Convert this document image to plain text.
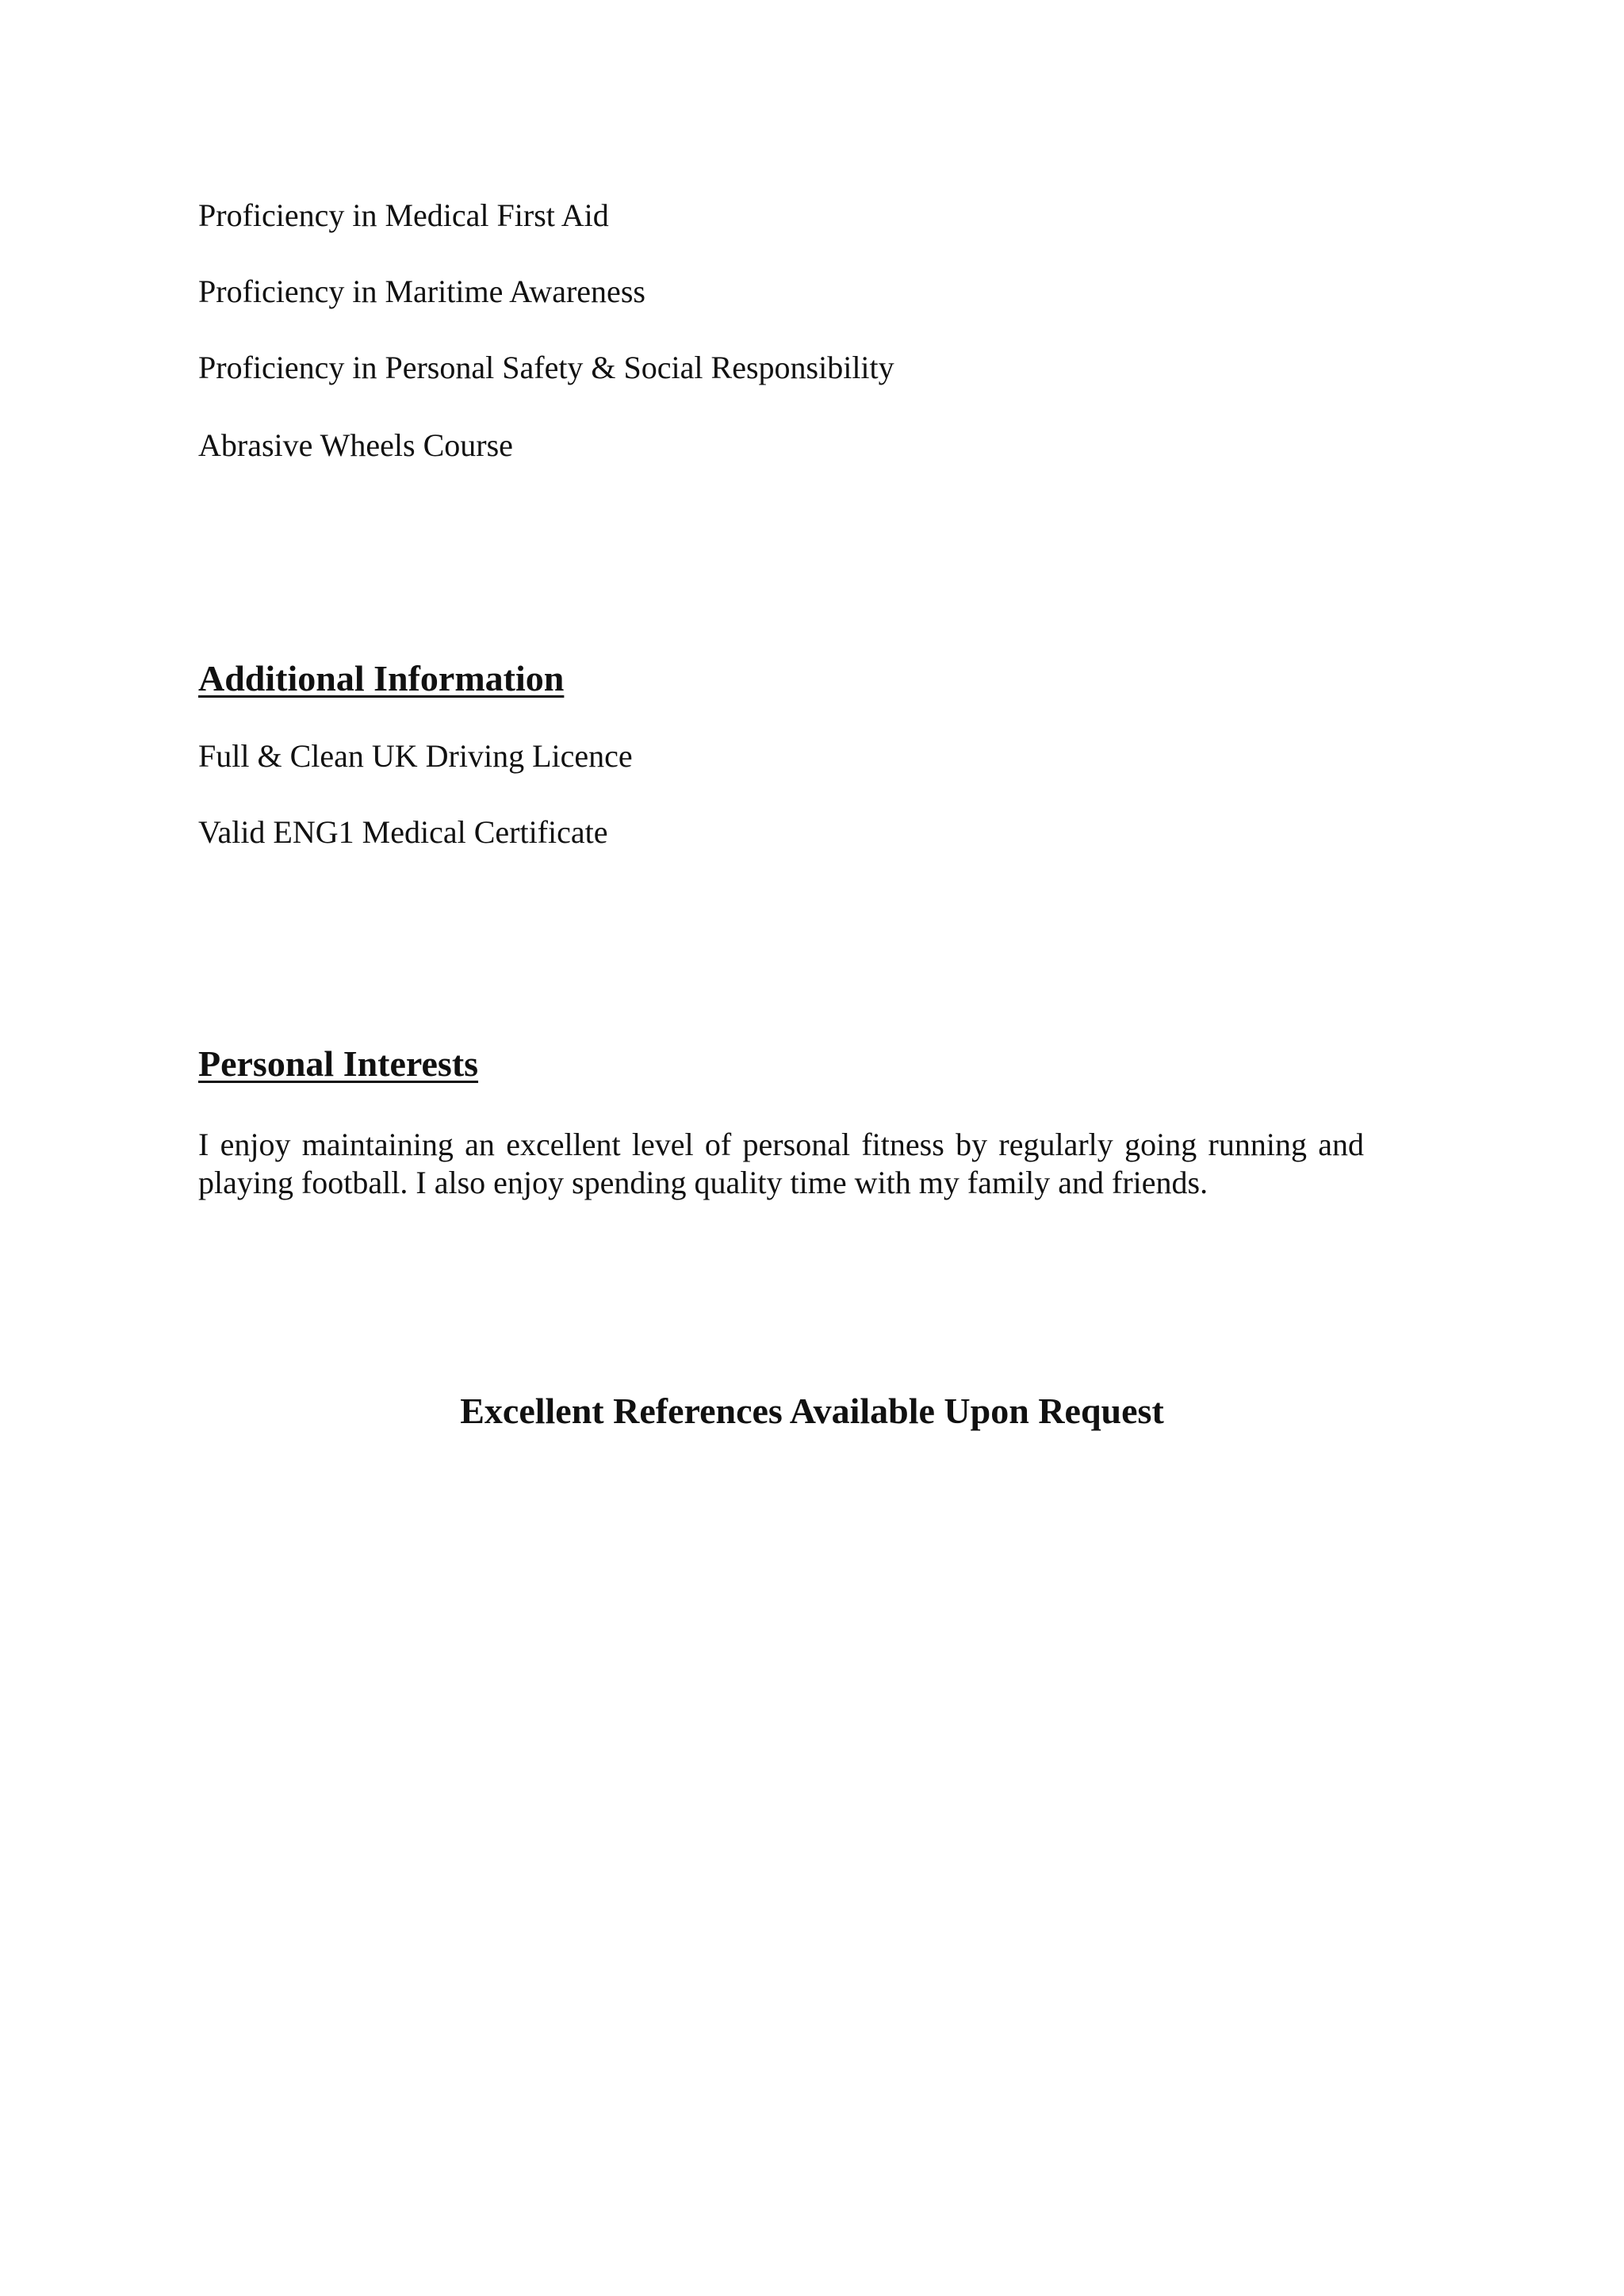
Proficiency in Medical First Aid
Proficiency in Maritime Awareness
Proficiency in Personal Safety & Social Responsibility
Abrasive Wheels Course
Additional Information
Full & Clean UK Driving Licence
Valid ENG1 Medical Certificate
Personal Interests
I enjoy maintaining an excellent level of personal fitness by regularly going running and
playing football. I also enjoy spending quality time with my family and friends.
Excellent References Available Upon Request
